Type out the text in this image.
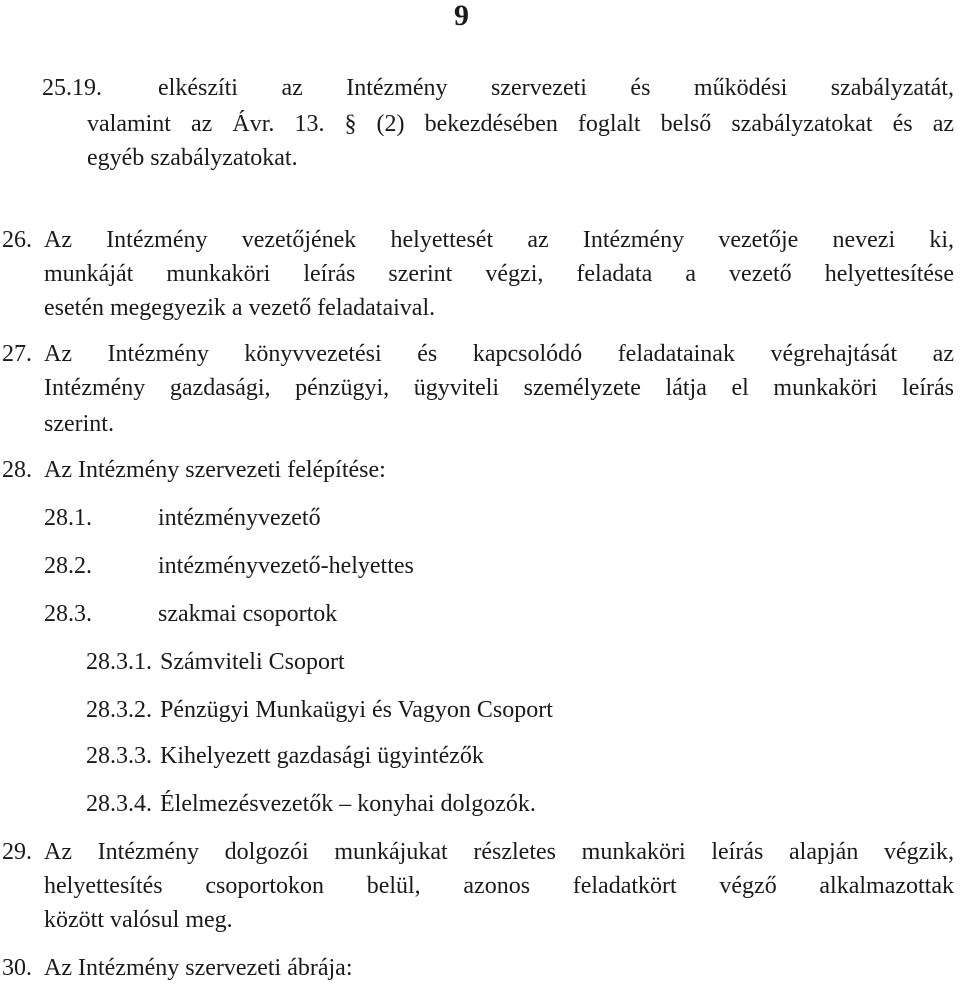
9
25.19. elkészíti az Intézmény szervezeti és működési szabályzatát,
valamint az Ávr. 13. § (2) bekezdésében foglalt belső szabályzatokat és az
egyéb szabályzatokat.
26. Az Intézmény vezetőjének helyettesét az Intézmény vezetője nevezi ki,
munkáját munkaköri leírás szerint végzi, feladata a vezető helyettesítése
esetén megegyezik a vezető feladataival.
27. Az Intézmény könyvvezetési és kapcsolódó feladatainak végrehajtását az
Intézmény gazdasági, pénzügyi, ügyviteli személyzete látja el munkaköri leírás
szerint.
28. Az Intézmény szervezeti felépítése:
28.1.	intézményvezető
28.2.	intézményvezető-helyettes
28.3.	szakmai csoportok
28.3.1. Számviteli Csoport
28.3.2. Pénzügyi Munkaügyi és Vagyon Csoport
28.3.3. Kihelyezett gazdasági ügyintézők
28.3.4. Élelmezésvezetők – konyhai dolgozók.
29. Az Intézmény dolgozói munkájukat részletes munkaköri leírás alapján végzik,
helyettesítés csoportokon belül, azonos feladatkört végző alkalmazottak
között valósul meg.
30. Az Intézmény szervezeti ábrája:
